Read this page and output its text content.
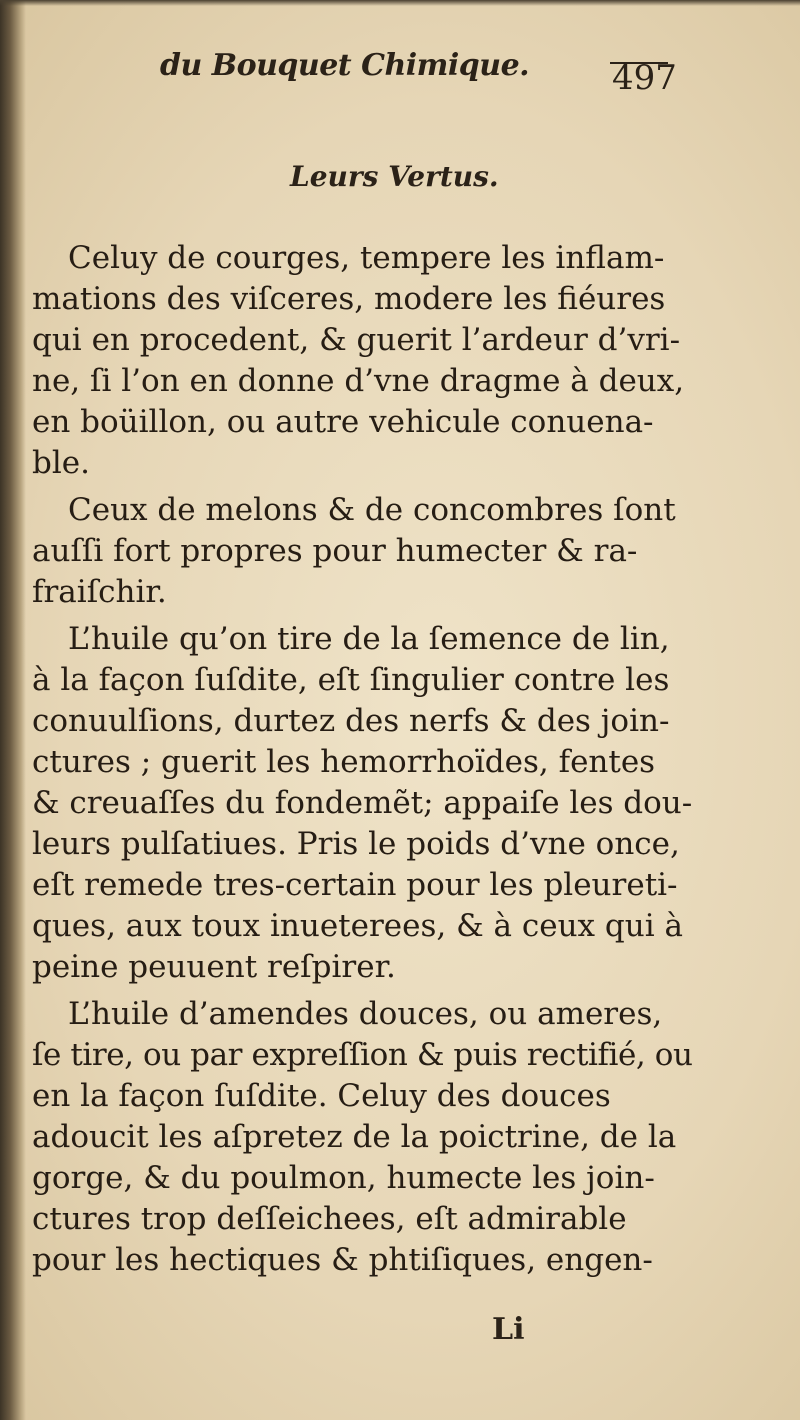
du Bouquet Chimique. 497
Leurs Vertus.
Celuy de courges, tempere les inflam-
mations des viſceres, modere les fiéures
qui en procedent, & guerit l’ardeur d’vri-
ne, ſi l’on en donne d’vne dragme à deux,
en boüillon, ou autre vehicule conuena-
ble.
Ceux de melons & de concombres ſont
auſſi fort propres pour humecter & ra-
fraiſchir.
L’huile qu’on tire de la ſemence de lin,
à la façon ſuſdite, eſt ſingulier contre les
conuulſions, durtez des nerfs & des join-
ctures ; guerit les hemorrhoïdes, fentes
& creuaſſes du fondemẽt; appaiſe les dou-
leurs pulſatiues. Pris le poids d’vne once,
eſt remede tres-certain pour les pleureti-
ques, aux toux inueterees, & à ceux qui à
peine peuuent reſpirer.
L’huile d’amendes douces, ou ameres,
ſe tire, ou par expreſſion & puis rectifié, ou
en la façon ſuſdite. Celuy des douces
adoucit les aſpretez de la poictrine, de la
gorge, & du poulmon, humecte les join-
ctures trop deſſeichees, eſt admirable
pour les hectiques & phtiſiques, engen-
Li
